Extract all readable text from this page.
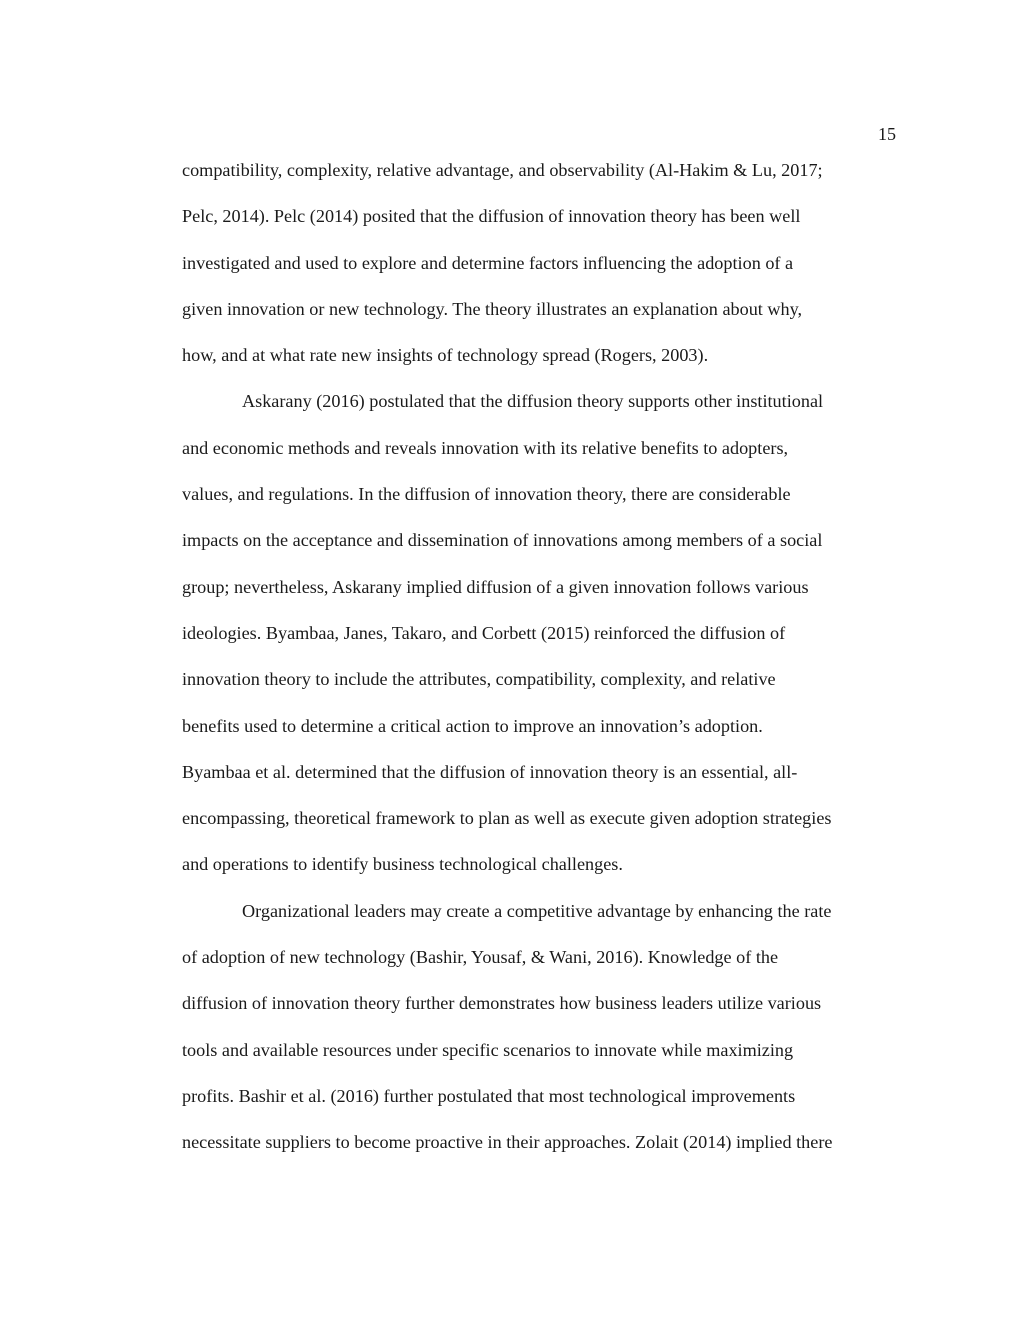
15
compatibility, complexity, relative advantage, and observability (Al-Hakim & Lu, 2017;
Pelc, 2014). Pelc (2014) posited that the diffusion of innovation theory has been well
investigated and used to explore and determine factors influencing the adoption of a
given innovation or new technology. The theory illustrates an explanation about why,
how, and at what rate new insights of technology spread (Rogers, 2003).
Askarany (2016) postulated that the diffusion theory supports other institutional
and economic methods and reveals innovation with its relative benefits to adopters,
values, and regulations. In the diffusion of innovation theory, there are considerable
impacts on the acceptance and dissemination of innovations among members of a social
group; nevertheless, Askarany implied diffusion of a given innovation follows various
ideologies. Byambaa, Janes, Takaro, and Corbett (2015) reinforced the diffusion of
innovation theory to include the attributes, compatibility, complexity, and relative
benefits used to determine a critical action to improve an innovation’s adoption.
Byambaa et al. determined that the diffusion of innovation theory is an essential, all-
encompassing, theoretical framework to plan as well as execute given adoption strategies
and operations to identify business technological challenges.
Organizational leaders may create a competitive advantage by enhancing the rate
of adoption of new technology (Bashir, Yousaf, & Wani, 2016). Knowledge of the
diffusion of innovation theory further demonstrates how business leaders utilize various
tools and available resources under specific scenarios to innovate while maximizing
profits. Bashir et al. (2016) further postulated that most technological improvements
necessitate suppliers to become proactive in their approaches. Zolait (2014) implied there
